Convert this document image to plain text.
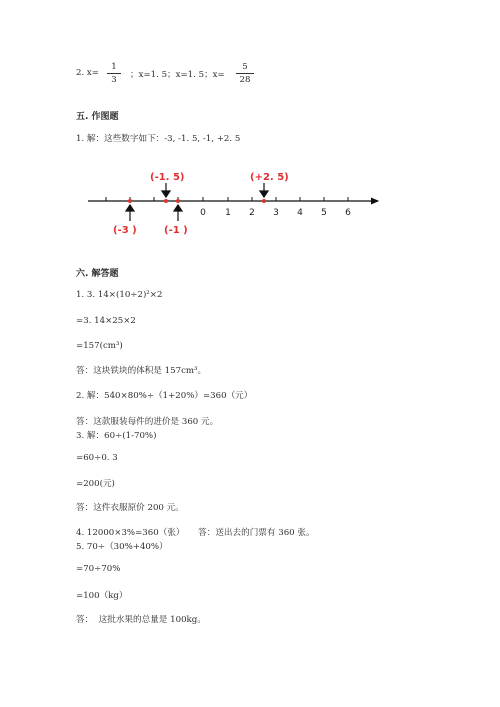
2. $x= \frac{1}{3}$ ；x=1. 5；x=1. 5；$x= \frac{5}{28}$
五. 作图题
1. 解：这些数字如下：-3, -1. 5, -1, +2. 5
0 1 2 3 4 5 6
(-1. 5)	(+2. 5)
(-3 )	(-1 )
六. 解答题
1. 3. 14×(10÷2)²×2
=3. 14×25×2
=157(cm³)
答：这块铁块的体积是 157cm³。
2. 解：540×80%÷（1+20%）=360（元）
答：这款服装每件的进价是 360 元。
3. 解：60÷(1-70%)
=60÷0. 3
=200(元)
答：这件衣服原价 200 元。
4. 12000×3%=360（张）     答：送出去的门票有 360 张。
5. 70÷（30%+40%）
=70÷70%
=100（kg）
答：  这批水果的总量是 100kg。
